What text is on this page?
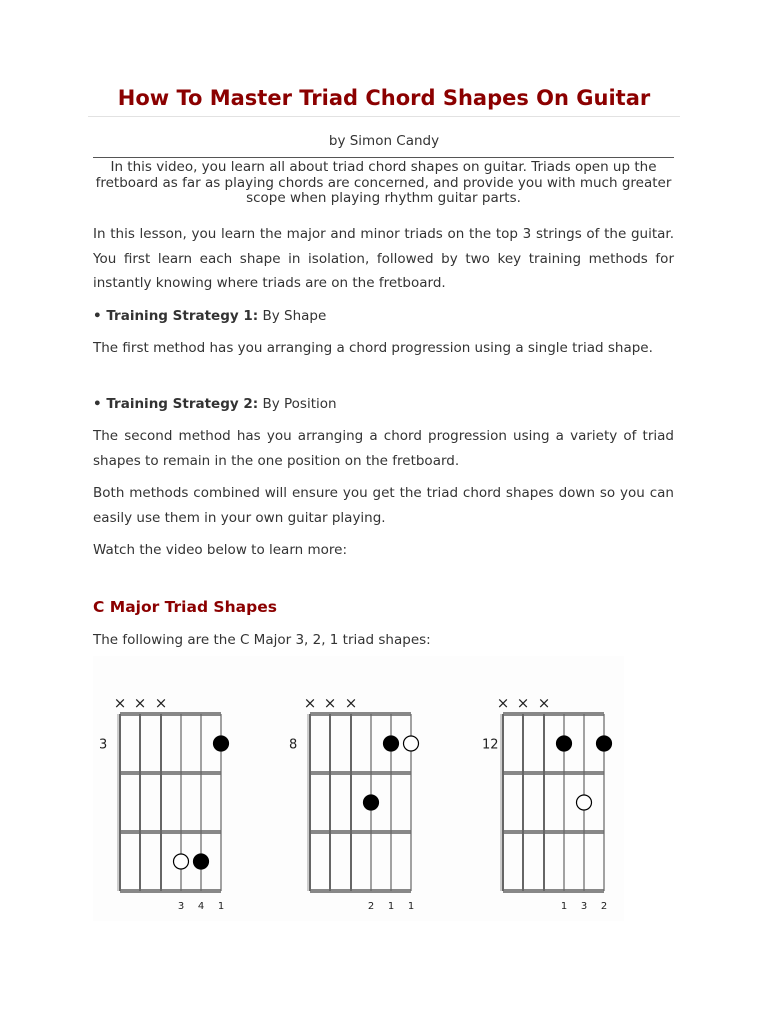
How To Master Triad Chord Shapes On Guitar
by Simon Candy
In this video, you learn all about triad chord shapes on guitar. Triads open up the fretboard as far as playing chords are concerned, and provide you with much greater scope when playing rhythm guitar parts.

In this lesson, you learn the major and minor triads on the top 3 strings of the guitar. You first learn each shape in isolation, followed by two key training methods for instantly knowing where triads are on the fretboard.

• Training Strategy 1: By Shape

The first method has you arranging a chord progression using a single triad shape.

• Training Strategy 2: By Position

The second method has you arranging a chord progression using a variety of triad shapes to remain in the one position on the fretboard.

Both methods combined will ensure you get the triad chord shapes down so you can easily use them in your own guitar playing.

Watch the video below to learn more:

C Major Triad Shapes

The following are the C Major 3, 2, 1 triad shapes:

× × ×
3
3 4 1
× × ×
8
2 1 1
× × ×
12
1 3 2
